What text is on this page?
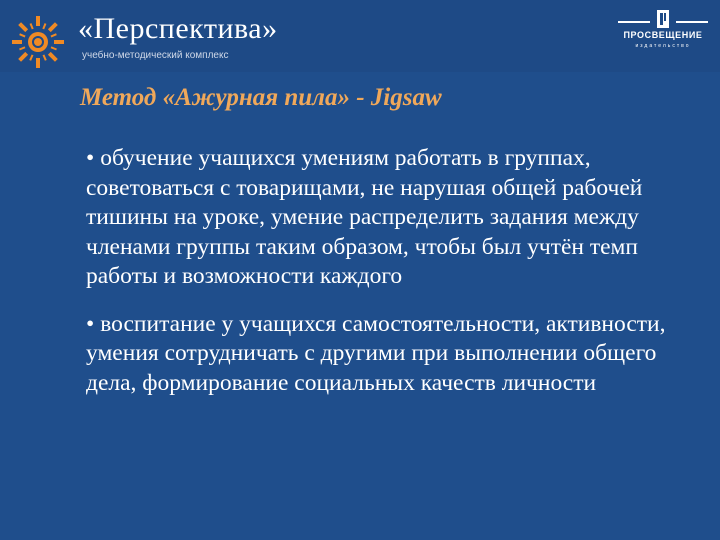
«Перспектива»
учебно-методический комплекс
ПРОСВЕЩЕНИЕ
издательство
Метод «Ажурная пила» - Jigsaw

• обучение учащихся умениям работать в группах, советоваться с товарищами, не нарушая общей рабочей тишины на уроке, умение распределить задания между членами группы таким образом, чтобы был учтён темп работы и возможности каждого

• воспитание у учащихся самостоятельности, активности, умения сотрудничать с другими при выполнении общего дела, формирование социальных качеств личности
